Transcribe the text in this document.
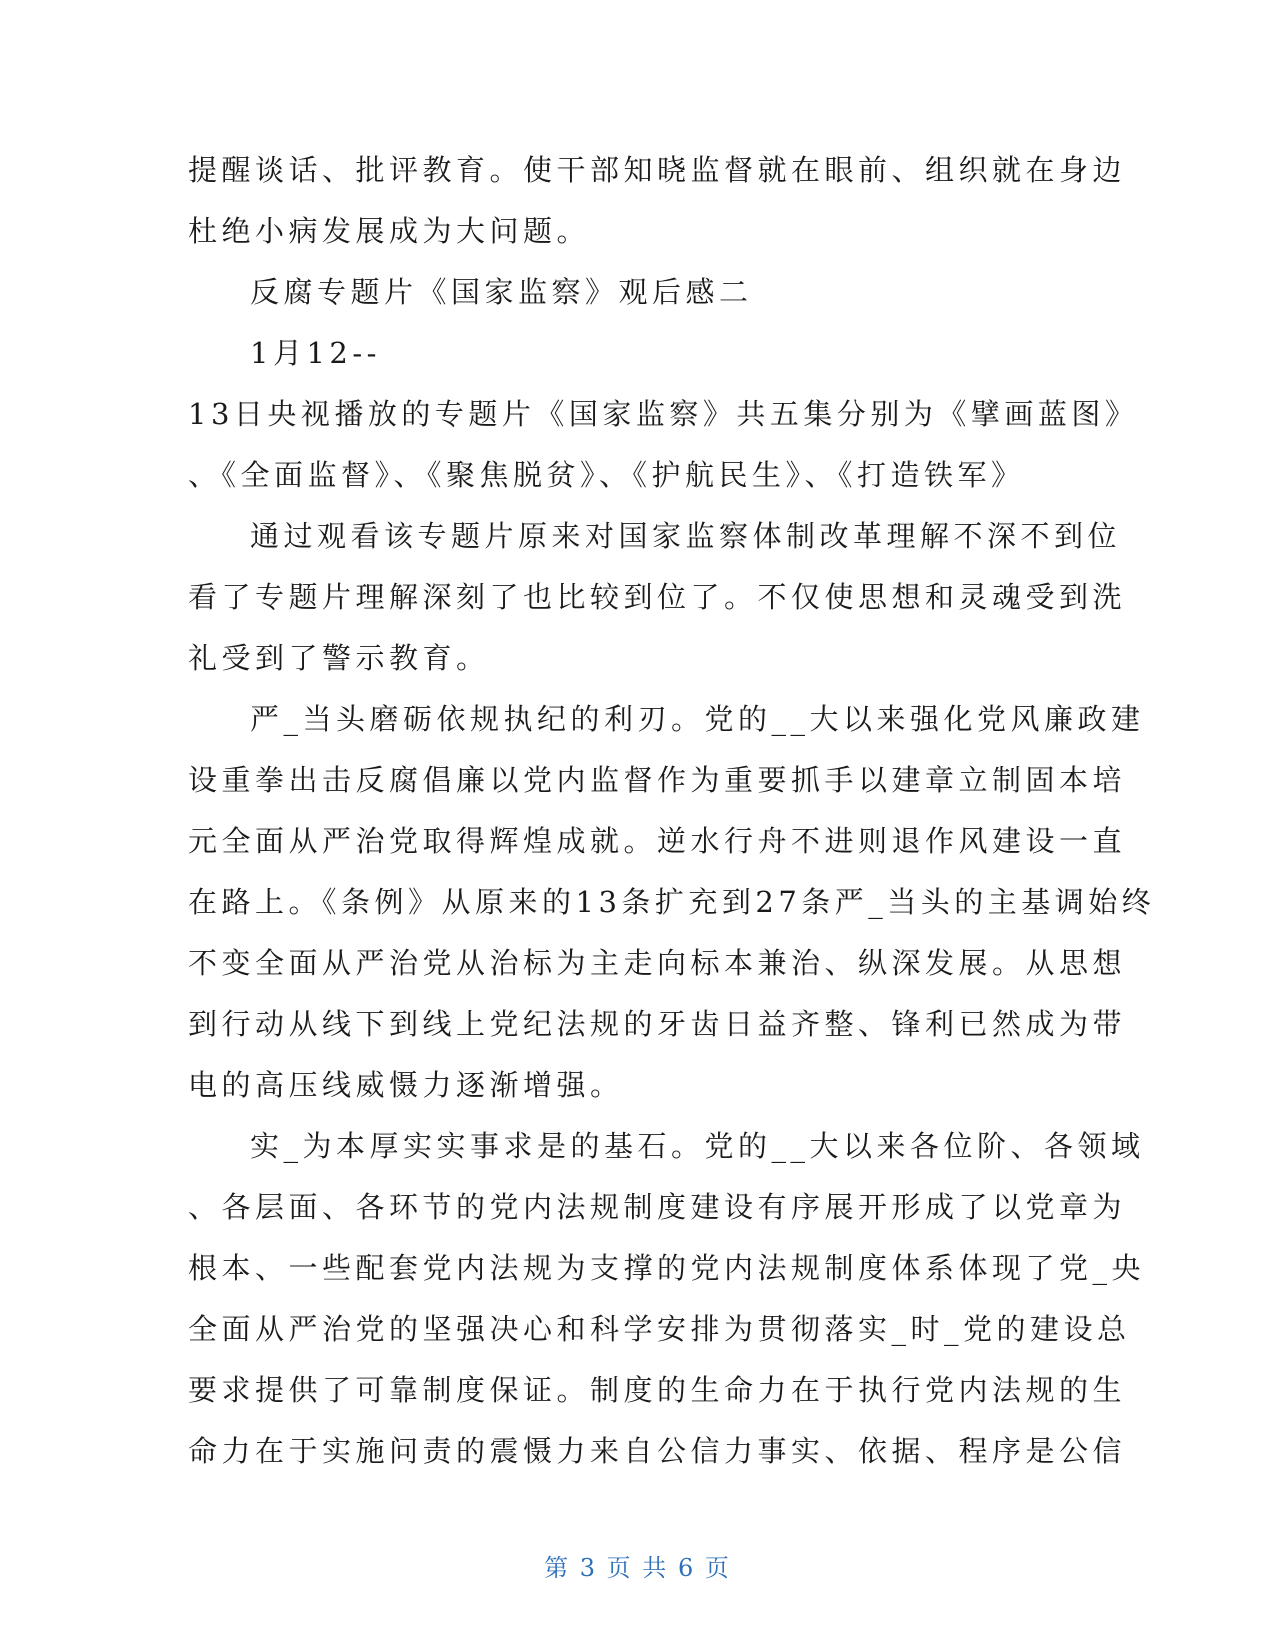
提醒谈话、批评教育。使干部知晓监督就在眼前、组织就在身边
杜绝小病发展成为大问题。
反腐专题片《国家监察》观后感二
1月12--
13日央视播放的专题片《国家监察》共五集分别为《擘画蓝图》
、《全面监督》、《聚焦脱贫》、《护航民生》、《打造铁军》
通过观看该专题片原来对国家监察体制改革理解不深不到位
看了专题片理解深刻了也比较到位了。不仅使思想和灵魂受到洗
礼受到了警示教育。
严_当头磨砺依规执纪的利刃。党的__大以来强化党风廉政建
设重拳出击反腐倡廉以党内监督作为重要抓手以建章立制固本培
元全面从严治党取得辉煌成就。逆水行舟不进则退作风建设一直
在路上。《条例》从原来的13条扩充到27条严_当头的主基调始终
不变全面从严治党从治标为主走向标本兼治、纵深发展。从思想
到行动从线下到线上党纪法规的牙齿日益齐整、锋利已然成为带
电的高压线威慑力逐渐增强。
实_为本厚实实事求是的基石。党的__大以来各位阶、各领域
、各层面、各环节的党内法规制度建设有序展开形成了以党章为
根本、一些配套党内法规为支撑的党内法规制度体系体现了党_央
全面从严治党的坚强决心和科学安排为贯彻落实_时_党的建设总
要求提供了可靠制度保证。制度的生命力在于执行党内法规的生
命力在于实施问责的震慑力来自公信力事实、依据、程序是公信
第 3 页 共 6 页
